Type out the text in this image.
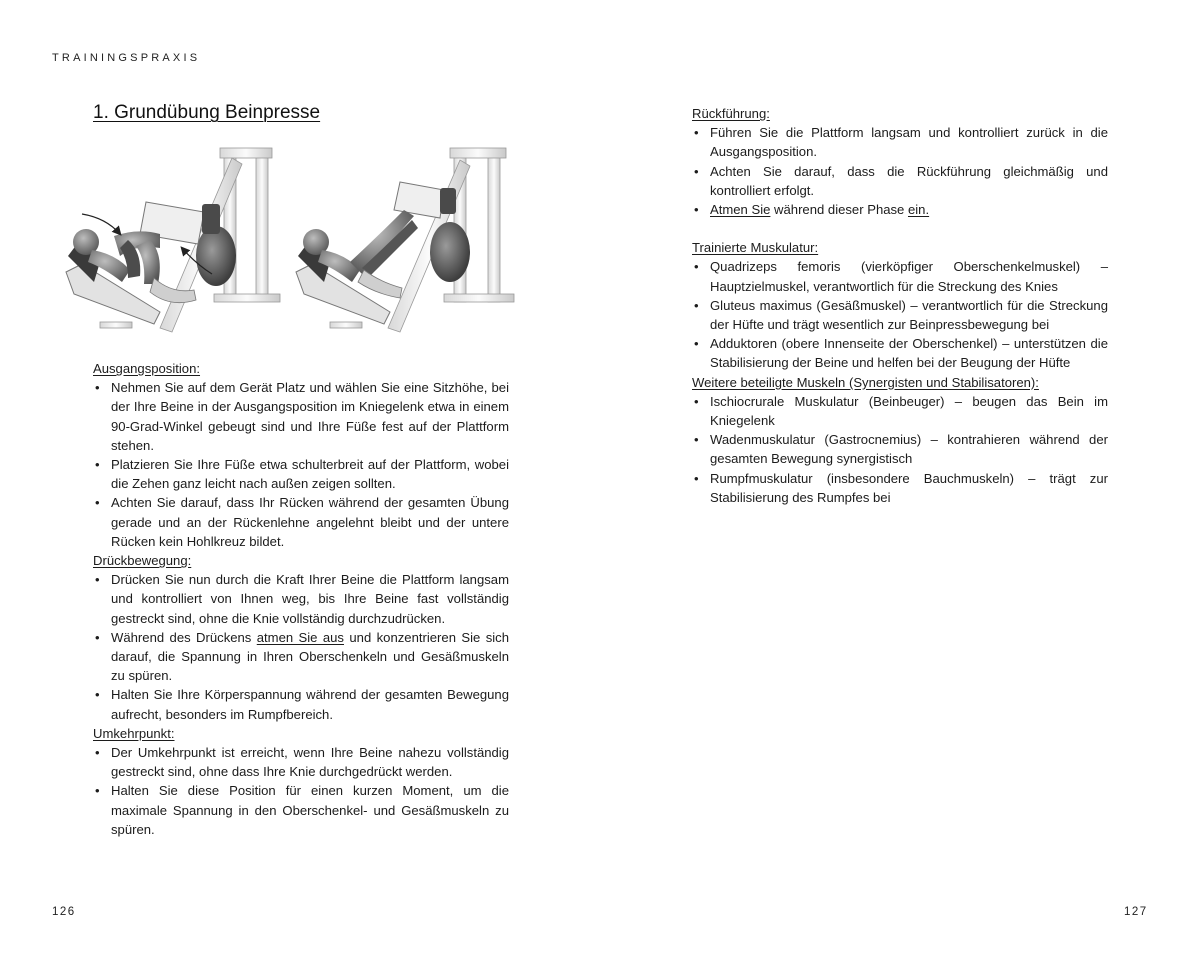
TRAININGSPRAXIS
1. Grundübung Beinpresse
Ausgangsposition:
• Nehmen Sie auf dem Gerät Platz und wählen Sie eine Sitzhöhe, bei der Ihre Beine in der Ausgangsposition im Kniegelenk etwa in einem 90-Grad-Winkel gebeugt sind und Ihre Füße fest auf der Plattform stehen.
• Platzieren Sie Ihre Füße etwa schulterbreit auf der Plattform, wobei die Zehen ganz leicht nach außen zeigen sollten.
• Achten Sie darauf, dass Ihr Rücken während der gesamten Übung gerade und an der Rückenlehne angelehnt bleibt und der untere Rücken kein Hohlkreuz bildet.
Drückbewegung:
• Drücken Sie nun durch die Kraft Ihrer Beine die Plattform langsam und kontrolliert von Ihnen weg, bis Ihre Beine fast vollständig gestreckt sind, ohne die Knie vollständig durchzudrücken.
• Während des Drückens atmen Sie aus und konzentrieren Sie sich darauf, die Spannung in Ihren Oberschenkeln und Gesäßmuskeln zu spüren.
• Halten Sie Ihre Körperspannung während der gesamten Bewegung aufrecht, besonders im Rumpfbereich.
Umkehrpunkt:
• Der Umkehrpunkt ist erreicht, wenn Ihre Beine nahezu vollständig gestreckt sind, ohne dass Ihre Knie durchgedrückt werden.
• Halten Sie diese Position für einen kurzen Moment, um die maximale Spannung in den Oberschenkel- und Gesäßmuskeln zu spüren.
Rückführung:
• Führen Sie die Plattform langsam und kontrolliert zurück in die Ausgangsposition.
• Achten Sie darauf, dass die Rückführung gleichmäßig und kontrolliert erfolgt.
• Atmen Sie während dieser Phase ein.
Trainierte Muskulatur:
• Quadrizeps femoris (vierköpfiger Oberschenkelmuskel) – Hauptzielmuskel, verantwortlich für die Streckung des Knies
• Gluteus maximus (Gesäßmuskel) – verantwortlich für die Streckung der Hüfte und trägt wesentlich zur Beinpressbewegung bei
• Adduktoren (obere Innenseite der Oberschenkel) – unterstützen die Stabilisierung der Beine und helfen bei der Beugung der Hüfte
Weitere beteiligte Muskeln (Synergisten und Stabilisatoren):
• Ischiocrurale Muskulatur (Beinbeuger) – beugen das Bein im Kniegelenk
• Wadenmuskulatur (Gastrocnemius) – kontrahieren während der gesamten Bewegung synergistisch
• Rumpfmuskulatur (insbesondere Bauchmuskeln) – trägt zur Stabilisierung des Rumpfes bei
126	127
